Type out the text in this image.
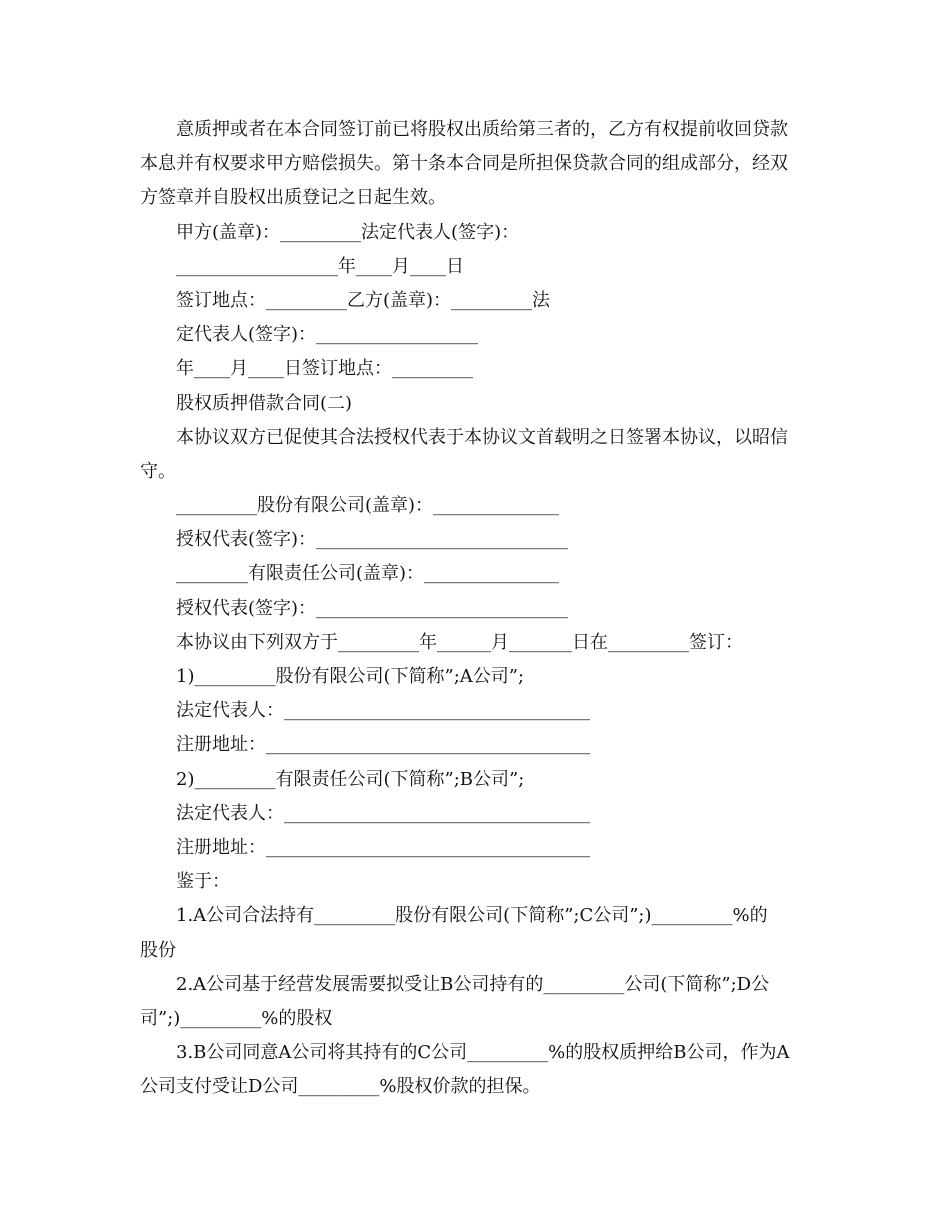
意质押或者在本合同签订前已将股权出质给第三者的，乙方有权提前收回贷款
本息并有权要求甲方赔偿损失。第十条本合同是所担保贷款合同的组成部分，经双
方签章并自股权出质登记之日起生效。
甲方(盖章)：_________法定代表人(签字)：
__________________年____月____日
签订地点：_________乙方(盖章)：_________法
定代表人(签字)：__________________
年____月____日签订地点：_________
股权质押借款合同(二)
本协议双方已促使其合法授权代表于本协议文首载明之日签署本协议，以昭信
守。
_________股份有限公司(盖章)：______________
授权代表(签字)：____________________________
________有限责任公司(盖章)：_______________
授权代表(签字)：____________________________
本协议由下列双方于_________年______月_______日在_________签订：
1)_________股份有限公司(下简称”;A公司”;
法定代表人：__________________________________
注册地址：____________________________________
2)_________有限责任公司(下简称”;B公司”;
法定代表人：__________________________________
注册地址：____________________________________
鉴于：
1.A公司合法持有_________股份有限公司(下简称”;C公司”;)_________%的
股份
2.A公司基于经营发展需要拟受让B公司持有的_________公司(下简称”;D公
司”;)_________%的股权
3.B公司同意A公司将其持有的C公司_________%的股权质押给B公司，作为A
公司支付受让D公司_________%股权价款的担保。
